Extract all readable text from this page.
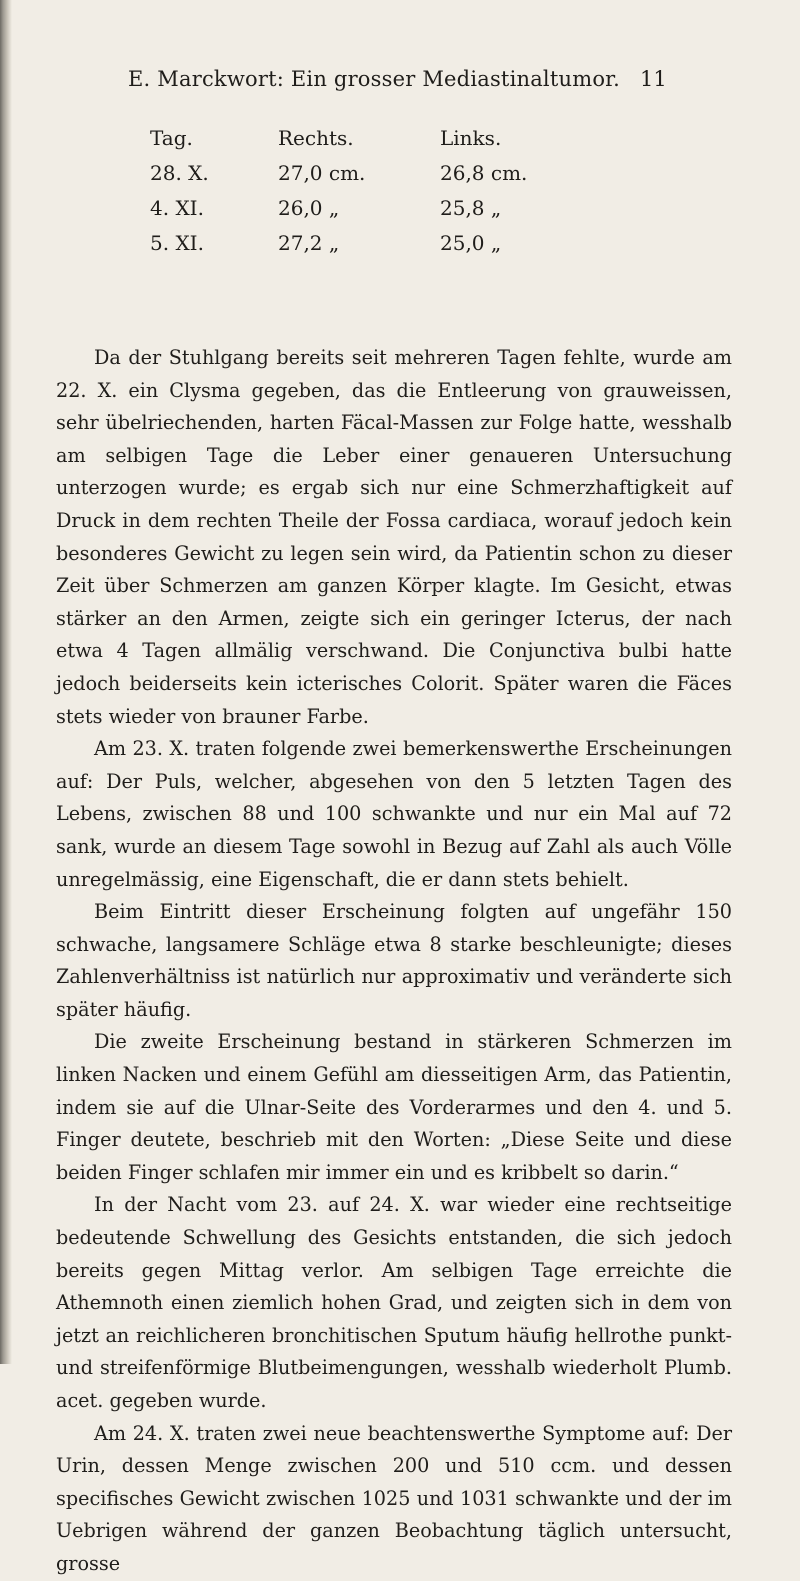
E. Marckwort: Ein grosser Mediastinaltumor. 11
Tag.	Rechts.	Links.
28. X.	27,0 cm.	26,8 cm.
4. XI.	26,0 „	25,8 „
5. XI.	27,2 „	25,0 „

Da der Stuhlgang bereits seit mehreren Tagen fehlte, wurde am 22. X. ein Clysma gegeben, das die Entleerung von grauweissen, sehr übelriechenden, harten Fäcal-Massen zur Folge hatte, wesshalb am selbigen Tage die Leber einer genaueren Untersuchung unterzogen wurde; es ergab sich nur eine Schmerzhaftigkeit auf Druck in dem rechten Theile der Fossa cardiaca, worauf jedoch kein besonderes Gewicht zu legen sein wird, da Patientin schon zu dieser Zeit über Schmerzen am ganzen Körper klagte. Im Gesicht, etwas stärker an den Armen, zeigte sich ein geringer Icterus, der nach etwa 4 Tagen allmälig verschwand. Die Conjunctiva bulbi hatte jedoch beiderseits kein icterisches Colorit. Später waren die Fäces stets wieder von brauner Farbe.

Am 23. X. traten folgende zwei bemerkenswerthe Erscheinungen auf: Der Puls, welcher, abgesehen von den 5 letzten Tagen des Lebens, zwischen 88 und 100 schwankte und nur ein Mal auf 72 sank, wurde an diesem Tage sowohl in Bezug auf Zahl als auch Völle unregelmässig, eine Eigenschaft, die er dann stets behielt.

Beim Eintritt dieser Erscheinung folgten auf ungefähr 150 schwache, langsamere Schläge etwa 8 starke beschleunigte; dieses Zahlenverhältniss ist natürlich nur approximativ und veränderte sich später häufig.

Die zweite Erscheinung bestand in stärkeren Schmerzen im linken Nacken und einem Gefühl am diesseitigen Arm, das Patientin, indem sie auf die Ulnar-Seite des Vorderarmes und den 4. und 5. Finger deutete, beschrieb mit den Worten: „Diese Seite und diese beiden Finger schlafen mir immer ein und es kribbelt so darin.“

In der Nacht vom 23. auf 24. X. war wieder eine rechtseitige bedeutende Schwellung des Gesichts entstanden, die sich jedoch bereits gegen Mittag verlor. Am selbigen Tage erreichte die Athemnoth einen ziemlich hohen Grad, und zeigten sich in dem von jetzt an reichlicheren bronchitischen Sputum häufig hellrothe punkt- und streifenförmige Blutbeimengungen, wesshalb wiederholt Plumb. acet. gegeben wurde.

Am 24. X. traten zwei neue beachtenswerthe Symptome auf: Der Urin, dessen Menge zwischen 200 und 510 ccm. und dessen specifisches Gewicht zwischen 1025 und 1031 schwankte und der im Uebrigen während der ganzen Beobachtung täglich untersucht, grosse
